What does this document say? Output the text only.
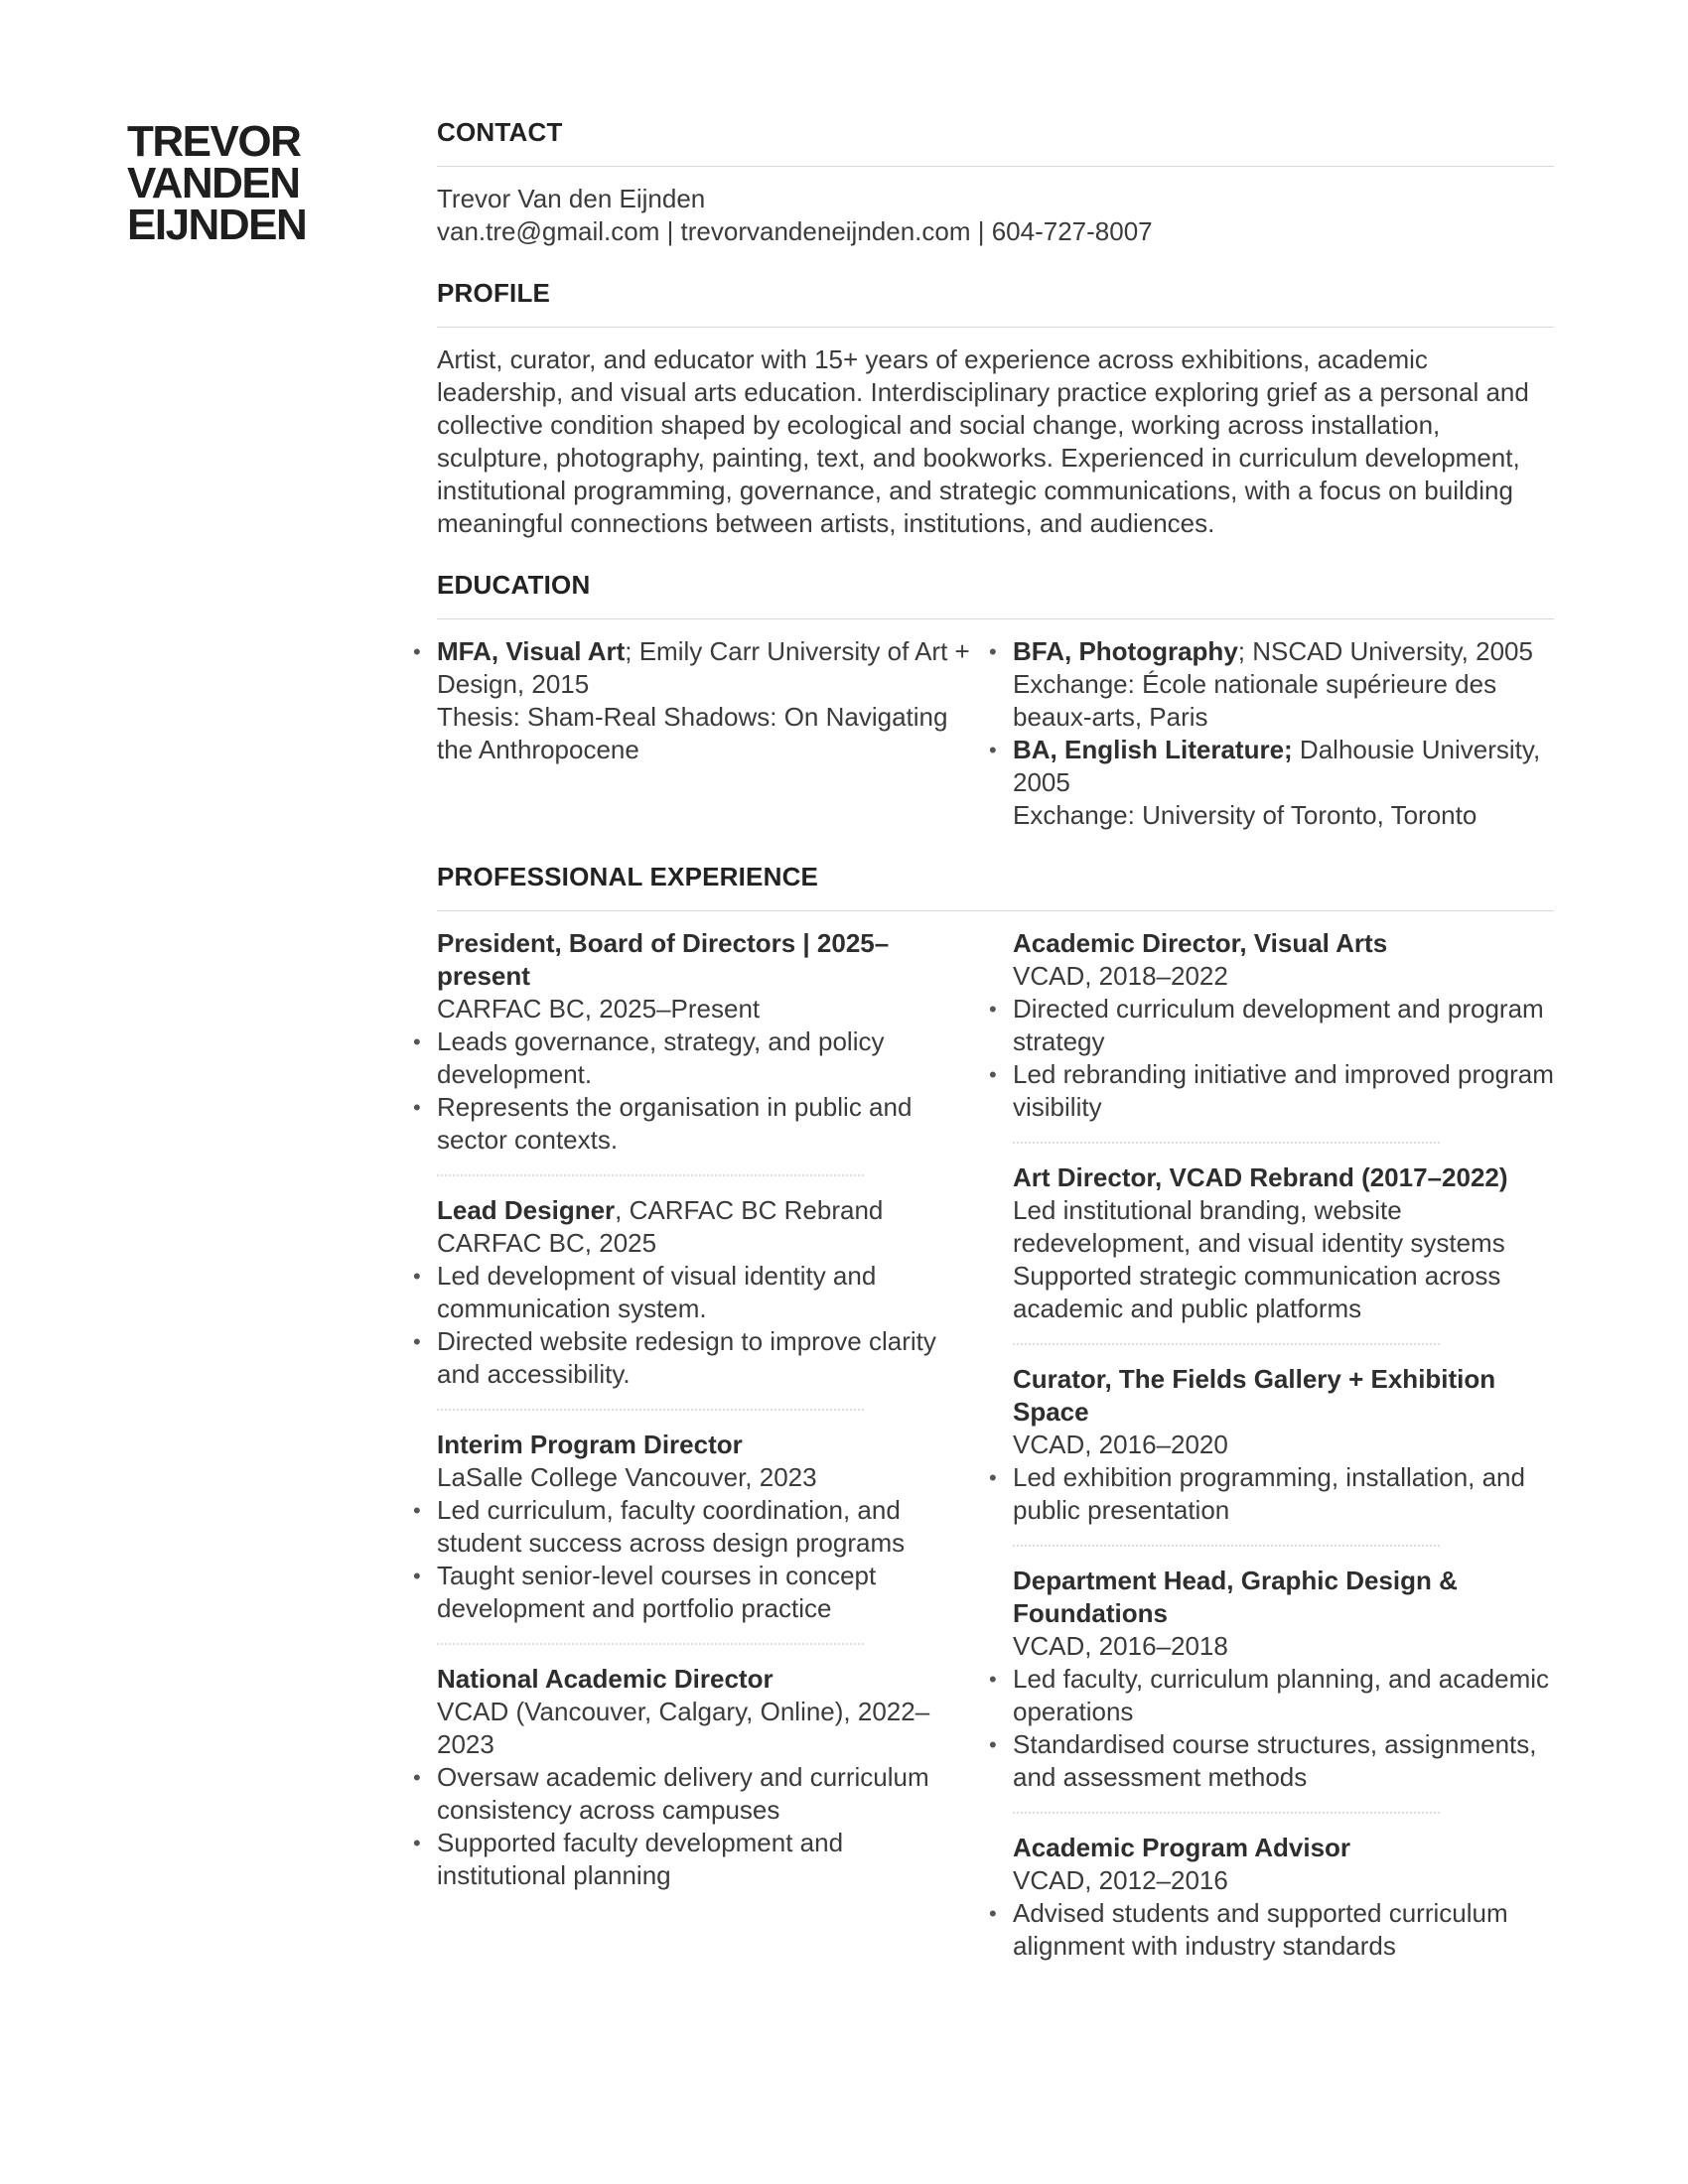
TREVOR
VANDEN
EIJNDEN
CONTACT
Trevor Van den Eijnden
van.tre@gmail.com | trevorvandeneijnden.com | 604-727-8007
PROFILE
Artist, curator, and educator with 15+ years of experience across exhibitions, academic leadership, and visual arts education. Interdisciplinary practice exploring grief as a personal and collective condition shaped by ecological and social change, working across installation, sculpture, photography, painting, text, and bookworks. Experienced in curriculum development, institutional programming, governance, and strategic communications, with a focus on building meaningful connections between artists, institutions, and audiences.
EDUCATION
• MFA, Visual Art; Emily Carr University of Art + Design, 2015
Thesis: Sham-Real Shadows: On Navigating the Anthropocene
• BFA, Photography; NSCAD University, 2005
Exchange: École nationale supérieure des beaux-arts, Paris
• BA, English Literature; Dalhousie University, 2005
Exchange: University of Toronto, Toronto
PROFESSIONAL EXPERIENCE
President, Board of Directors | 2025–present
CARFAC BC, 2025–Present
• Leads governance, strategy, and policy development.
• Represents the organisation in public and sector contexts.
Lead Designer, CARFAC BC Rebrand
CARFAC BC, 2025
• Led development of visual identity and communication system.
• Directed website redesign to improve clarity and accessibility.
Interim Program Director
LaSalle College Vancouver, 2023
• Led curriculum, faculty coordination, and student success across design programs
• Taught senior-level courses in concept development and portfolio practice
National Academic Director
VCAD (Vancouver, Calgary, Online), 2022–2023
• Oversaw academic delivery and curriculum consistency across campuses
• Supported faculty development and institutional planning
Academic Director, Visual Arts
VCAD, 2018–2022
• Directed curriculum development and program strategy
• Led rebranding initiative and improved program visibility
Art Director, VCAD Rebrand (2017–2022)
Led institutional branding, website redevelopment, and visual identity systems
Supported strategic communication across academic and public platforms
Curator, The Fields Gallery + Exhibition Space
VCAD, 2016–2020
• Led exhibition programming, installation, and public presentation
Department Head, Graphic Design & Foundations
VCAD, 2016–2018
• Led faculty, curriculum planning, and academic operations
• Standardised course structures, assignments, and assessment methods
Academic Program Advisor
VCAD, 2012–2016
• Advised students and supported curriculum alignment with industry standards
